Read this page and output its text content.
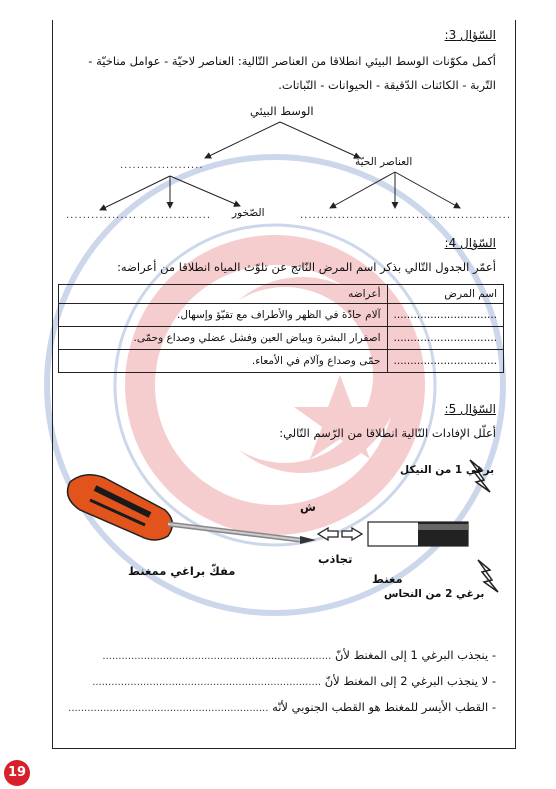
السّؤال 3:
أكمل مكوّنات الوسط البيئي انطلاقا من العناصر التّالية: العناصر لاحيّة - عوامل مناخيّة -
التّربة - الكائنات الدّقيقة - الحيوانات - النّباتات.
الوسط البيئي
....................	العناصر الحيّة
................. ................. الصّخور	.................
.................
.................
السّؤال 4:
أعمّر الجدول التّالي بذكر اسم المرض النّاتج عن تلوّث المياه انطلاقا من أعراضه:
اسم المرض	أعراضه
...............................	آلام حادّة في الظهر والأطراف مع تقيّؤ وإسهال.
...............................	اصفرار البشرة وبياض العين وفشل عضلي وصداع وحمّى.
...............................	حمّى وصداع وآلام في الأمعاء.
السّؤال 5:
أعلّل الإفادات التّالية انطلاقا من الرّسم التّالي:
برغي 1 من النيكل
ش
تجاذب
مغنط
برغي 2 من النحاس
مفكّ براغي ممغنط
- ينجذب البرغي 1 إلى المغنط لأنّ ........................................................................
- لا ينجذب البرغي 2 إلى المغنط لأنّ ........................................................................
- القطب الأيسر للمغنط هو القطب الجنوبي لأنّه ...............................................................
19
